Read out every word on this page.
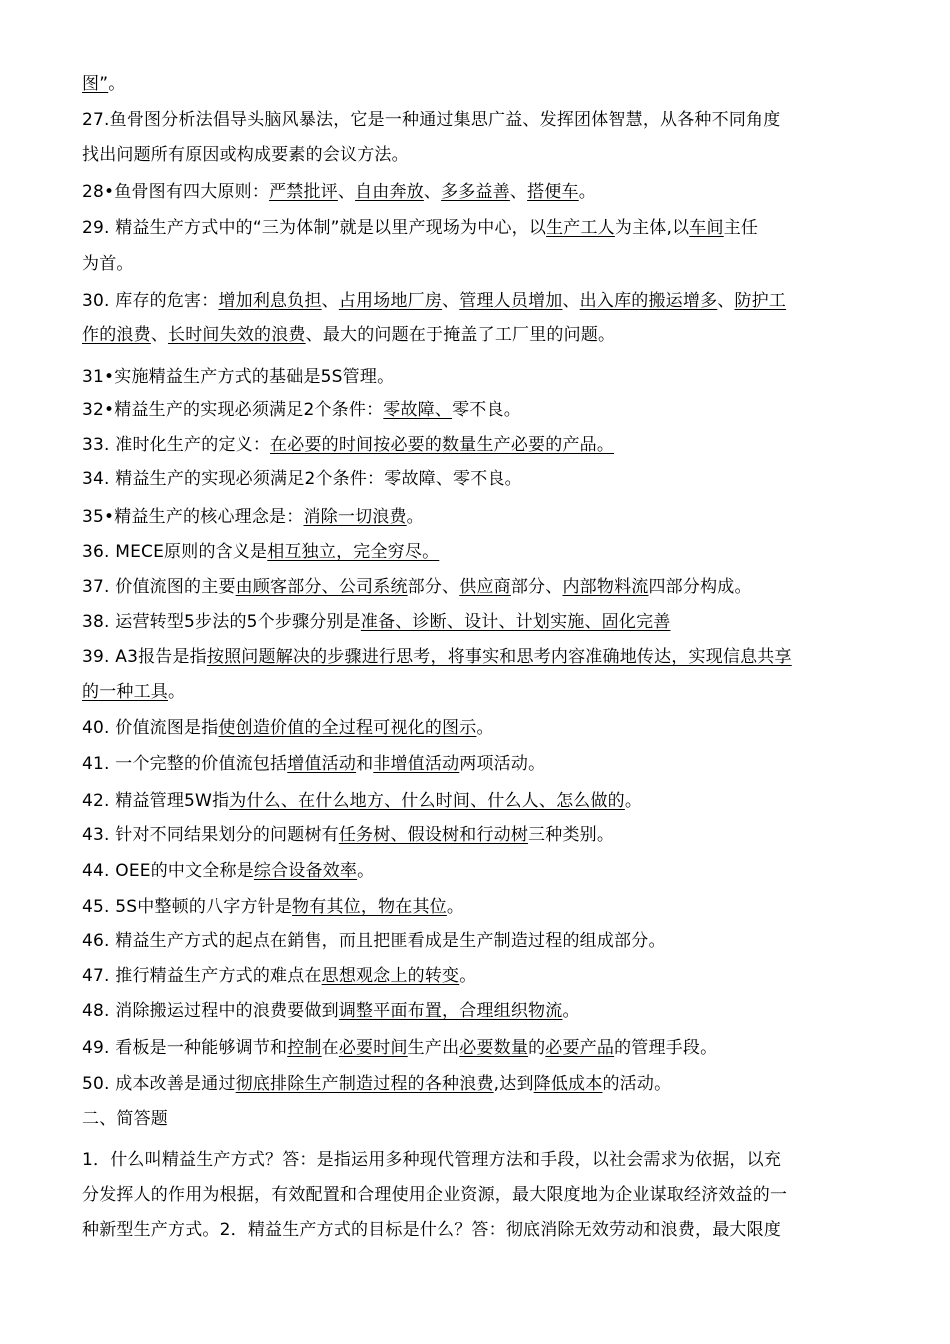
图”。
27.鱼骨图分析法倡导头脑风暴法，它是一种通过集思广益、发挥团体智慧，从各种不同角度
找出问题所有原因或构成要素的会议方法。
28•鱼骨图有四大原则：严禁批评、自由奔放、多多益善、搭便车。
29. 精益生产方式中的“三为体制”就是以里产现场为中心，以生产工人为主体,以车间主任
为首。
30. 库存的危害：增加利息负担、占用场地厂房、管理人员增加、出入库的搬运增多、防护工
作的浪费、长时间失效的浪费、最大的问题在于掩盖了工厂里的问题。
31•实施精益生产方式的基础是5S管理。
32•精益生产的实现必须满足2个条件：零故障、零不良。
33. 准时化生产的定义：在必要的时间按必要的数量生产必要的产品。
34. 精益生产的实现必须满足2个条件：零故障、零不良。
35•精益生产的核心理念是：消除一切浪费。
36. MECE原则的含义是相互独立，完全穷尽。
37. 价值流图的主要由顾客部分、公司系统部分、供应商部分、内部物料流四部分构成。
38. 运营转型5步法的5个步骤分别是准备、诊断、设计、计划实施、固化完善
39. A3报告是指按照问题解决的步骤进行思考，将事实和思考内容准确地传达，实现信息共享
的一种工具。
40. 价值流图是指使创造价值的全过程可视化的图示。
41. 一个完整的价值流包括增值活动和非增值活动两项活动。
42. 精益管理5W指为什么、在什么地方、什么时间、什么人、怎么做的。
43. 针对不同结果划分的问题树有任务树、假设树和行动树三种类别。
44. OEE的中文全称是综合设备效率。
45. 5S中整顿的八字方针是物有其位，物在其位。
46. 精益生产方式的起点在銷售，而且把匪看成是生产制造过程的组成部分。
47. 推行精益生产方式的难点在思想观念上的转变。
48. 消除搬运过程中的浪费要做到调整平面布置，合理组织物流。
49. 看板是一种能够调节和控制在必要时间生产出必要数量的必要产品的管理手段。
50. 成本改善是通过彻底排除生产制造过程的各种浪费,达到降低成本的活动。
二、简答题
1．什么叫精益生产方式？答：是指运用多种现代管理方法和手段，以社会需求为依据，以充
分发挥人的作用为根据，有效配置和合理使用企业资源，最大限度地为企业谋取经济效益的一
种新型生产方式。2．精益生产方式的目标是什么？答：彻底消除无效劳动和浪费，最大限度
